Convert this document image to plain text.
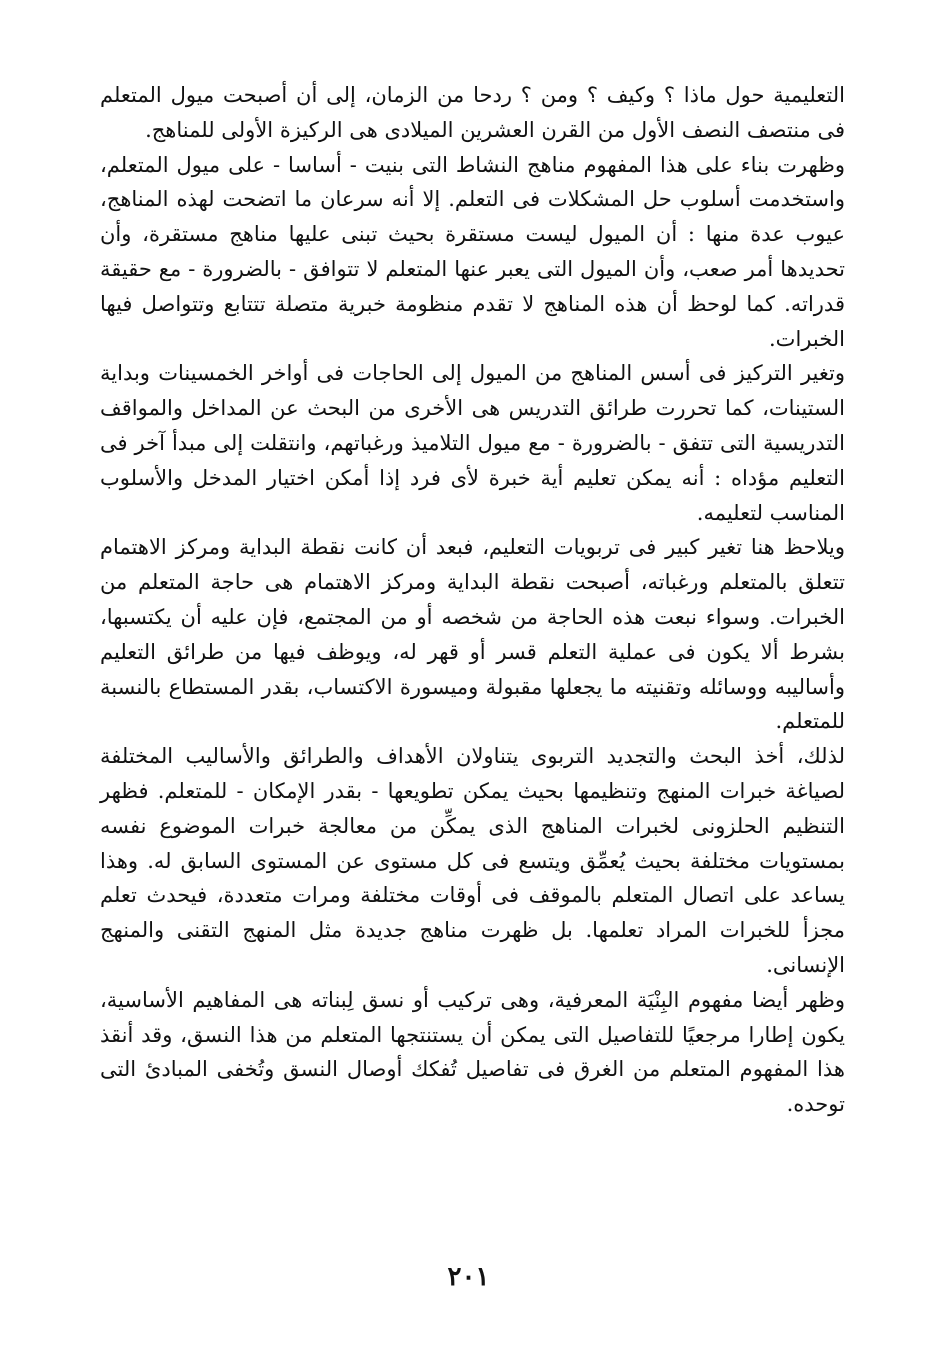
التعليمية حول ماذا ؟ وكيف ؟ ومن ؟ ردحا من الزمان، إلى أن أصبحت ميول المتعلم فى منتصف النصف الأول من القرن العشرين الميلادى هى الركيزة الأولى للمناهج.

وظهرت بناء على هذا المفهوم مناهج النشاط التى بنيت - أساسا - على ميول المتعلم، واستخدمت أسلوب حل المشكلات فى التعلم. إلا أنه سرعان ما اتضحت لهذه المناهج، عيوب عدة منها : أن الميول ليست مستقرة بحيث تبنى عليها مناهج مستقرة، وأن تحديدها أمر صعب، وأن الميول التى يعبر عنها المتعلم لا تتوافق - بالضرورة - مع حقيقة قدراته. كما لوحظ أن هذه المناهج لا تقدم منظومة خبرية متصلة تتتابع وتتواصل فيها الخبرات.

وتغير التركيز فى أسس المناهج من الميول إلى الحاجات فى أواخر الخمسينات وبداية الستينات، كما تحررت طرائق التدريس هى الأخرى من البحث عن المداخل والمواقف التدريسية التى تتفق - بالضرورة - مع ميول التلاميذ ورغباتهم، وانتقلت إلى مبدأ آخر فى التعليم مؤداه : أنه يمكن تعليم أية خبرة لأى فرد إذا أمكن اختيار المدخل والأسلوب المناسب لتعليمه.

ويلاحظ هنا تغير كبير فى تربويات التعليم، فبعد أن كانت نقطة البداية ومركز الاهتمام تتعلق بالمتعلم ورغباته، أصبحت نقطة البداية ومركز الاهتمام هى حاجة المتعلم من الخبرات. وسواء نبعت هذه الحاجة من شخصه أو من المجتمع، فإن عليه أن يكتسبها، بشرط ألا يكون فى عملية التعلم قسر أو قهر له، ويوظف فيها من طرائق التعليم وأساليبه ووسائله وتقنيته ما يجعلها مقبولة وميسورة الاكتساب، بقدر المستطاع بالنسبة للمتعلم.

لذلك، أخذ البحث والتجديد التربوى يتناولان الأهداف والطرائق والأساليب المختلفة لصياغة خبرات المنهج وتنظيمها بحيث يمكن تطويعها - بقدر الإمكان - للمتعلم. فظهر التنظيم الحلزونى لخبرات المناهج الذى يمكِّن من معالجة خبرات الموضوع نفسه بمستويات مختلفة بحيث يُعمِّق ويتسع فى كل مستوى عن المستوى السابق له. وهذا يساعد على اتصال المتعلم بالموقف فى أوقات مختلفة ومرات متعددة، فيحدث تعلم مجزأ للخبرات المراد تعلمها. بل ظهرت مناهج جديدة مثل المنهج التقنى والمنهج الإنسانى.

وظهر أيضا مفهوم البِنْيَة المعرفية، وهى تركيب أو نسق لِبناته هى المفاهيم الأساسية، يكون إطارا مرجعيًا للتفاصيل التى يمكن أن يستنتجها المتعلم من هذا النسق، وقد أنقذ هذا المفهوم المتعلم من الغرق فى تفاصيل تُفكك أوصال النسق وتُخفى المبادئ التى توحده.

٢٠١
